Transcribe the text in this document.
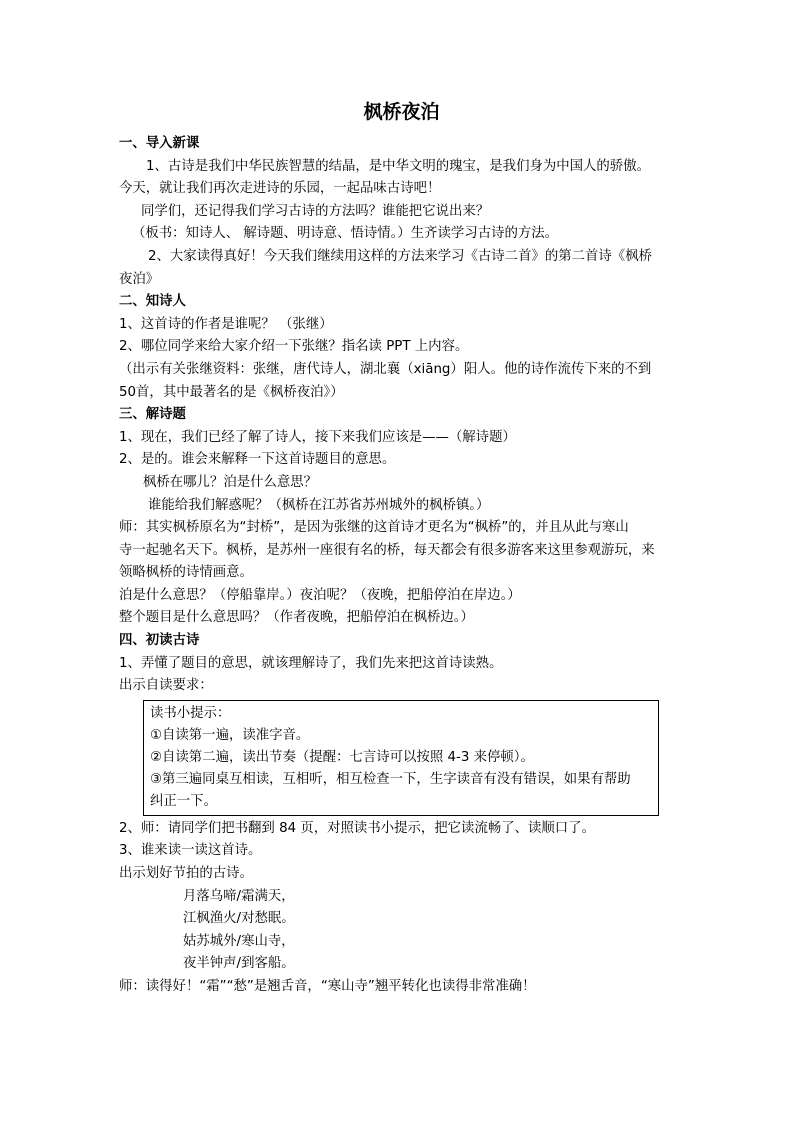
枫桥夜泊
一、导入新课
1、古诗是我们中华民族智慧的结晶，是中华文明的瑰宝，是我们身为中国人的骄傲。
今天，就让我们再次走进诗的乐园，一起品味古诗吧！
同学们，还记得我们学习古诗的方法吗？谁能把它说出来？
（板书：知诗人、 解诗题、明诗意、悟诗情。）生齐读学习古诗的方法。
2、大家读得真好！今天我们继续用这样的方法来学习《古诗二首》的第二首诗《枫桥
夜泊》
二、知诗人
1、这首诗的作者是谁呢？ （张继）
2、哪位同学来给大家介绍一下张继？指名读 PPT 上内容。
（出示有关张继资料：张继，唐代诗人，湖北襄（xiāng）阳人。他的诗作流传下来的不到
50首，其中最著名的是《枫桥夜泊》）
三、解诗题
1、现在，我们已经了解了诗人，接下来我们应该是——（解诗题）
2、是的。谁会来解释一下这首诗题目的意思。
枫桥在哪儿？泊是什么意思？
谁能给我们解惑呢？（枫桥在江苏省苏州城外的枫桥镇。）
师：其实枫桥原名为“封桥”，是因为张继的这首诗才更名为“枫桥”的，并且从此与寒山
寺一起驰名天下。枫桥，是苏州一座很有名的桥，每天都会有很多游客来这里参观游玩，来
领略枫桥的诗情画意。
泊是什么意思？（停船靠岸。）夜泊呢？（夜晚，把船停泊在岸边。）
整个题目是什么意思吗？（作者夜晚，把船停泊在枫桥边。）
四、初读古诗
1、弄懂了题目的意思，就该理解诗了，我们先来把这首诗读熟。
出示自读要求：
读书小提示：
①自读第一遍，读准字音。
②自读第二遍，读出节奏（提醒：七言诗可以按照 4-3 来停顿）。
③第三遍同桌互相读，互相听，相互检查一下，生字读音有没有错误，如果有帮助
纠正一下。
2、师：请同学们把书翻到 84 页，对照读书小提示，把它读流畅了、读顺口了。
3、谁来读一读这首诗。
出示划好节拍的古诗。
月落乌啼/霜满天，
江枫渔火/对愁眠。
姑苏城外/寒山寺，
夜半钟声/到客船。
师：读得好！“霜”“愁”是翘舌音，“寒山寺”翘平转化也读得非常准确！
